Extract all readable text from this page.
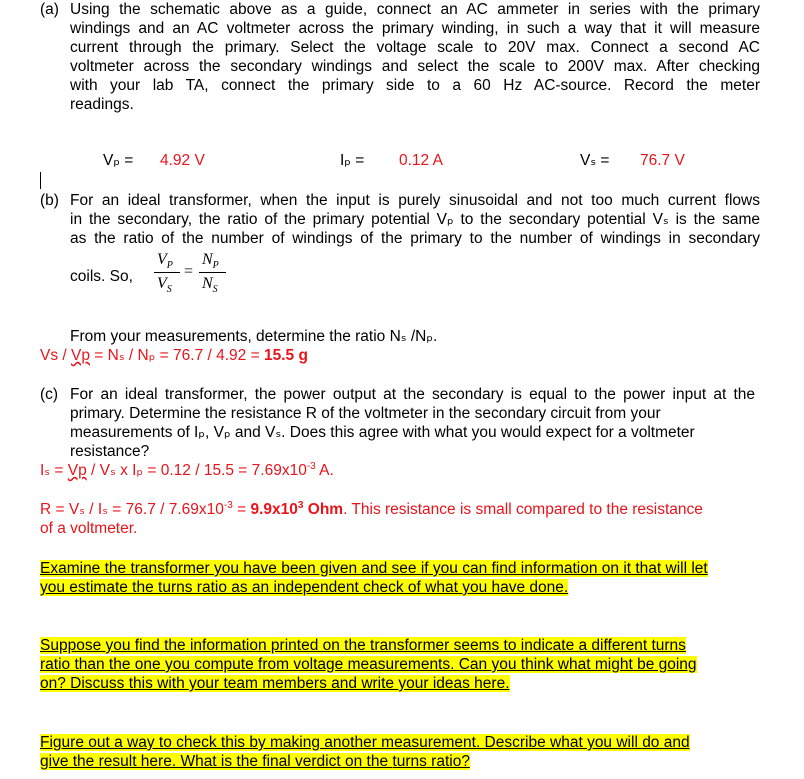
(a) Using the schematic above as a guide, connect an AC ammeter in series with the primary
windings and an AC voltmeter across the primary winding, in such a way that it will measure
current through the primary. Select the voltage scale to 20V max. Connect a second AC
voltmeter across the secondary windings and select the scale to 200V max. After checking
with your lab TA, connect the primary side to a 60 Hz AC-source. Record the meter
readings.
Vₚ = 4.92 V	Iₚ = 0.12 A	Vₛ = 76.7 V
(b) For an ideal transformer, when the input is purely sinusoidal and not too much current flows
in the secondary, the ratio of the primary potential Vₚ to the secondary potential Vₛ is the same
as the ratio of the number of windings of the primary to the number of windings in secondary
coils. So,
$V_P$
$V_S$
=
$N_P$
$N_S$
From your measurements, determine the ratio Nₛ /Nₚ.
Vs / Vp = Nₛ / Nₚ = 76.7 / 4.92 = 15.5 g
(c) For an ideal transformer, the power output at the secondary is equal to the power input at the
primary. Determine the resistance R of the voltmeter in the secondary circuit from your
measurements of Iₚ, Vₚ and Vₛ. Does this agree with what you would expect for a voltmeter
resistance?
Iₛ = Vp / Vₛ x $I_p = 0.12 / 15.5 = 7.69x10^{-3}$ A.
$R = V_s / I_s = 76.7 / 7.69x10^{-3} = 9.9x10^3$ Ohm. This resistance is small compared to the resistance
of a voltmeter.
Examine the transformer you have been given and see if you can find information on it that will let
you estimate the turns ratio as an independent check of what you have done.
Suppose you find the information printed on the transformer seems to indicate a different turns
ratio than the one you compute from voltage measurements. Can you think what might be going
on? Discuss this with your team members and write your ideas here.
Figure out a way to check this by making another measurement. Describe what you will do and
give the result here. What is the final verdict on the turns ratio?
